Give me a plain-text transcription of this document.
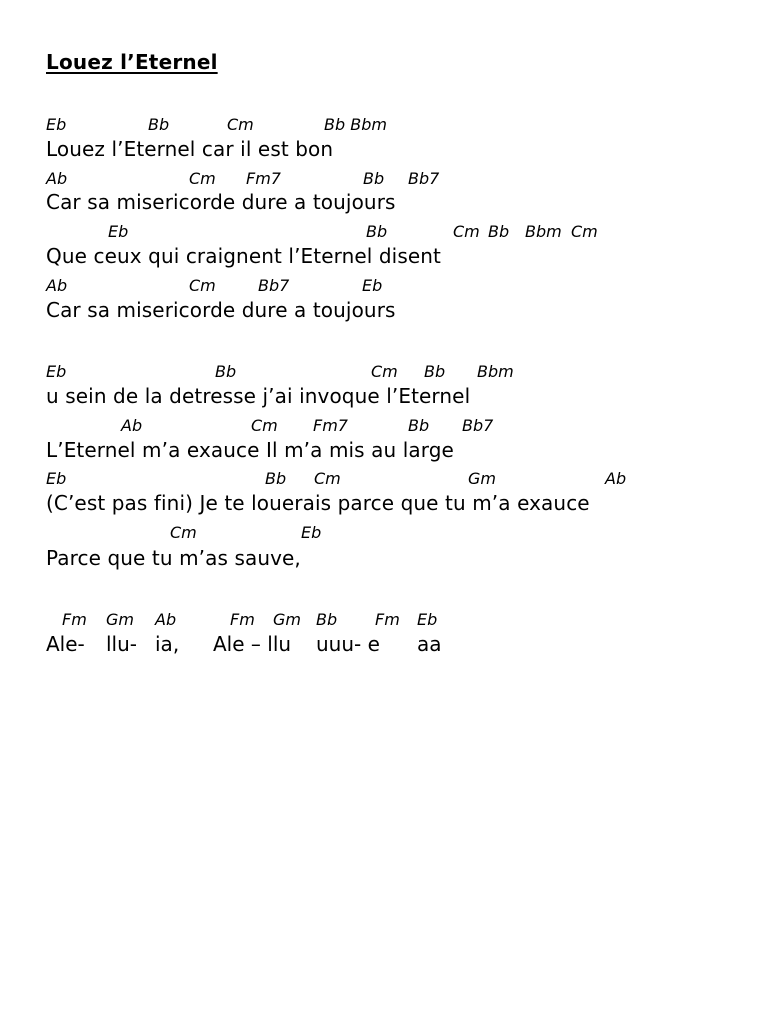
Louez l’Eternel
Eb	Bb	Cm	Bb Bbm
Louez l’Eternel car il est bon
Ab	Cm Fm7	Bb Bb7
Car sa misericorde dure a toujours
Eb	Bb	Cm Bb Bbm Cm
Que ceux qui craignent l’Eternel disent
Ab	Cm	Bb7	Eb
Car sa misericorde dure a toujours
Eb	Bb	Cm Bb Bbm
u sein de la detresse j’ai invoque l’Eternel
Ab	Cm Fm7	Bb Bb7
L’Eternel m’a exauce Il m’a mis au large
Eb	Bb Cm	Gm	Ab
(C’est pas fini) Je te louerais parce que tu m’a exauce
Cm	Eb
Parce que tu m’as sauve,
Fm Gm Ab	Fm Gm Bb Fm Eb
Ale- llu- ia, Ale – llu uuu- e aa
